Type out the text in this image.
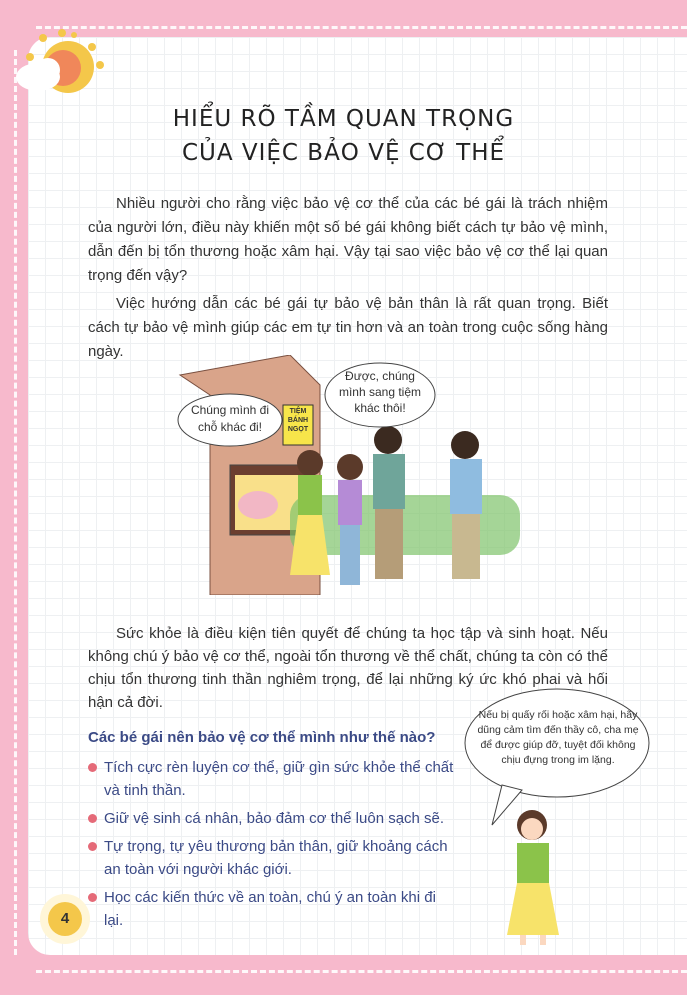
HIỂU RÕ TẦM QUAN TRỌNG
CỦA VIỆC BẢO VỆ CƠ THỂ

Nhiều người cho rằng việc bảo vệ cơ thể của các bé gái là trách nhiệm của người lớn, điều này khiến một số bé gái không biết cách tự bảo vệ mình, dẫn đến bị tổn thương hoặc xâm hại. Vậy tại sao việc bảo vệ cơ thể lại quan trọng đến vậy?

Việc hướng dẫn các bé gái tự bảo vệ bản thân là rất quan trọng. Biết cách tự bảo vệ mình giúp các em tự tin hơn và an toàn trong cuộc sống hàng ngày.

Chúng mình đi chỗ khác đi!
Được, chúng mình sang tiệm khác thôi!
TIỆM BÁNH NGỌT

Sức khỏe là điều kiện tiên quyết để chúng ta học tập và sinh hoạt. Nếu không chú ý bảo vệ cơ thể, ngoài tổn thương về thể chất, chúng ta còn có thể chịu tổn thương tinh thần nghiêm trọng, để lại những ký ức khó phai và hối hận cả đời.

Các bé gái nên bảo vệ cơ thể mình như thế nào?

Tích cực rèn luyện cơ thể, giữ gìn sức khỏe thể chất và tinh thần.
Giữ vệ sinh cá nhân, bảo đảm cơ thể luôn sạch sẽ.
Tự trọng, tự yêu thương bản thân, giữ khoảng cách an toàn với người khác giới.
Học các kiến thức về an toàn, chú ý an toàn khi đi lại.
Nếu bị quấy rối hoặc xâm hại, hãy dũng cảm tìm đến thầy cô, cha mẹ để được giúp đỡ, tuyệt đối không chịu đựng trong im lặng.
4
